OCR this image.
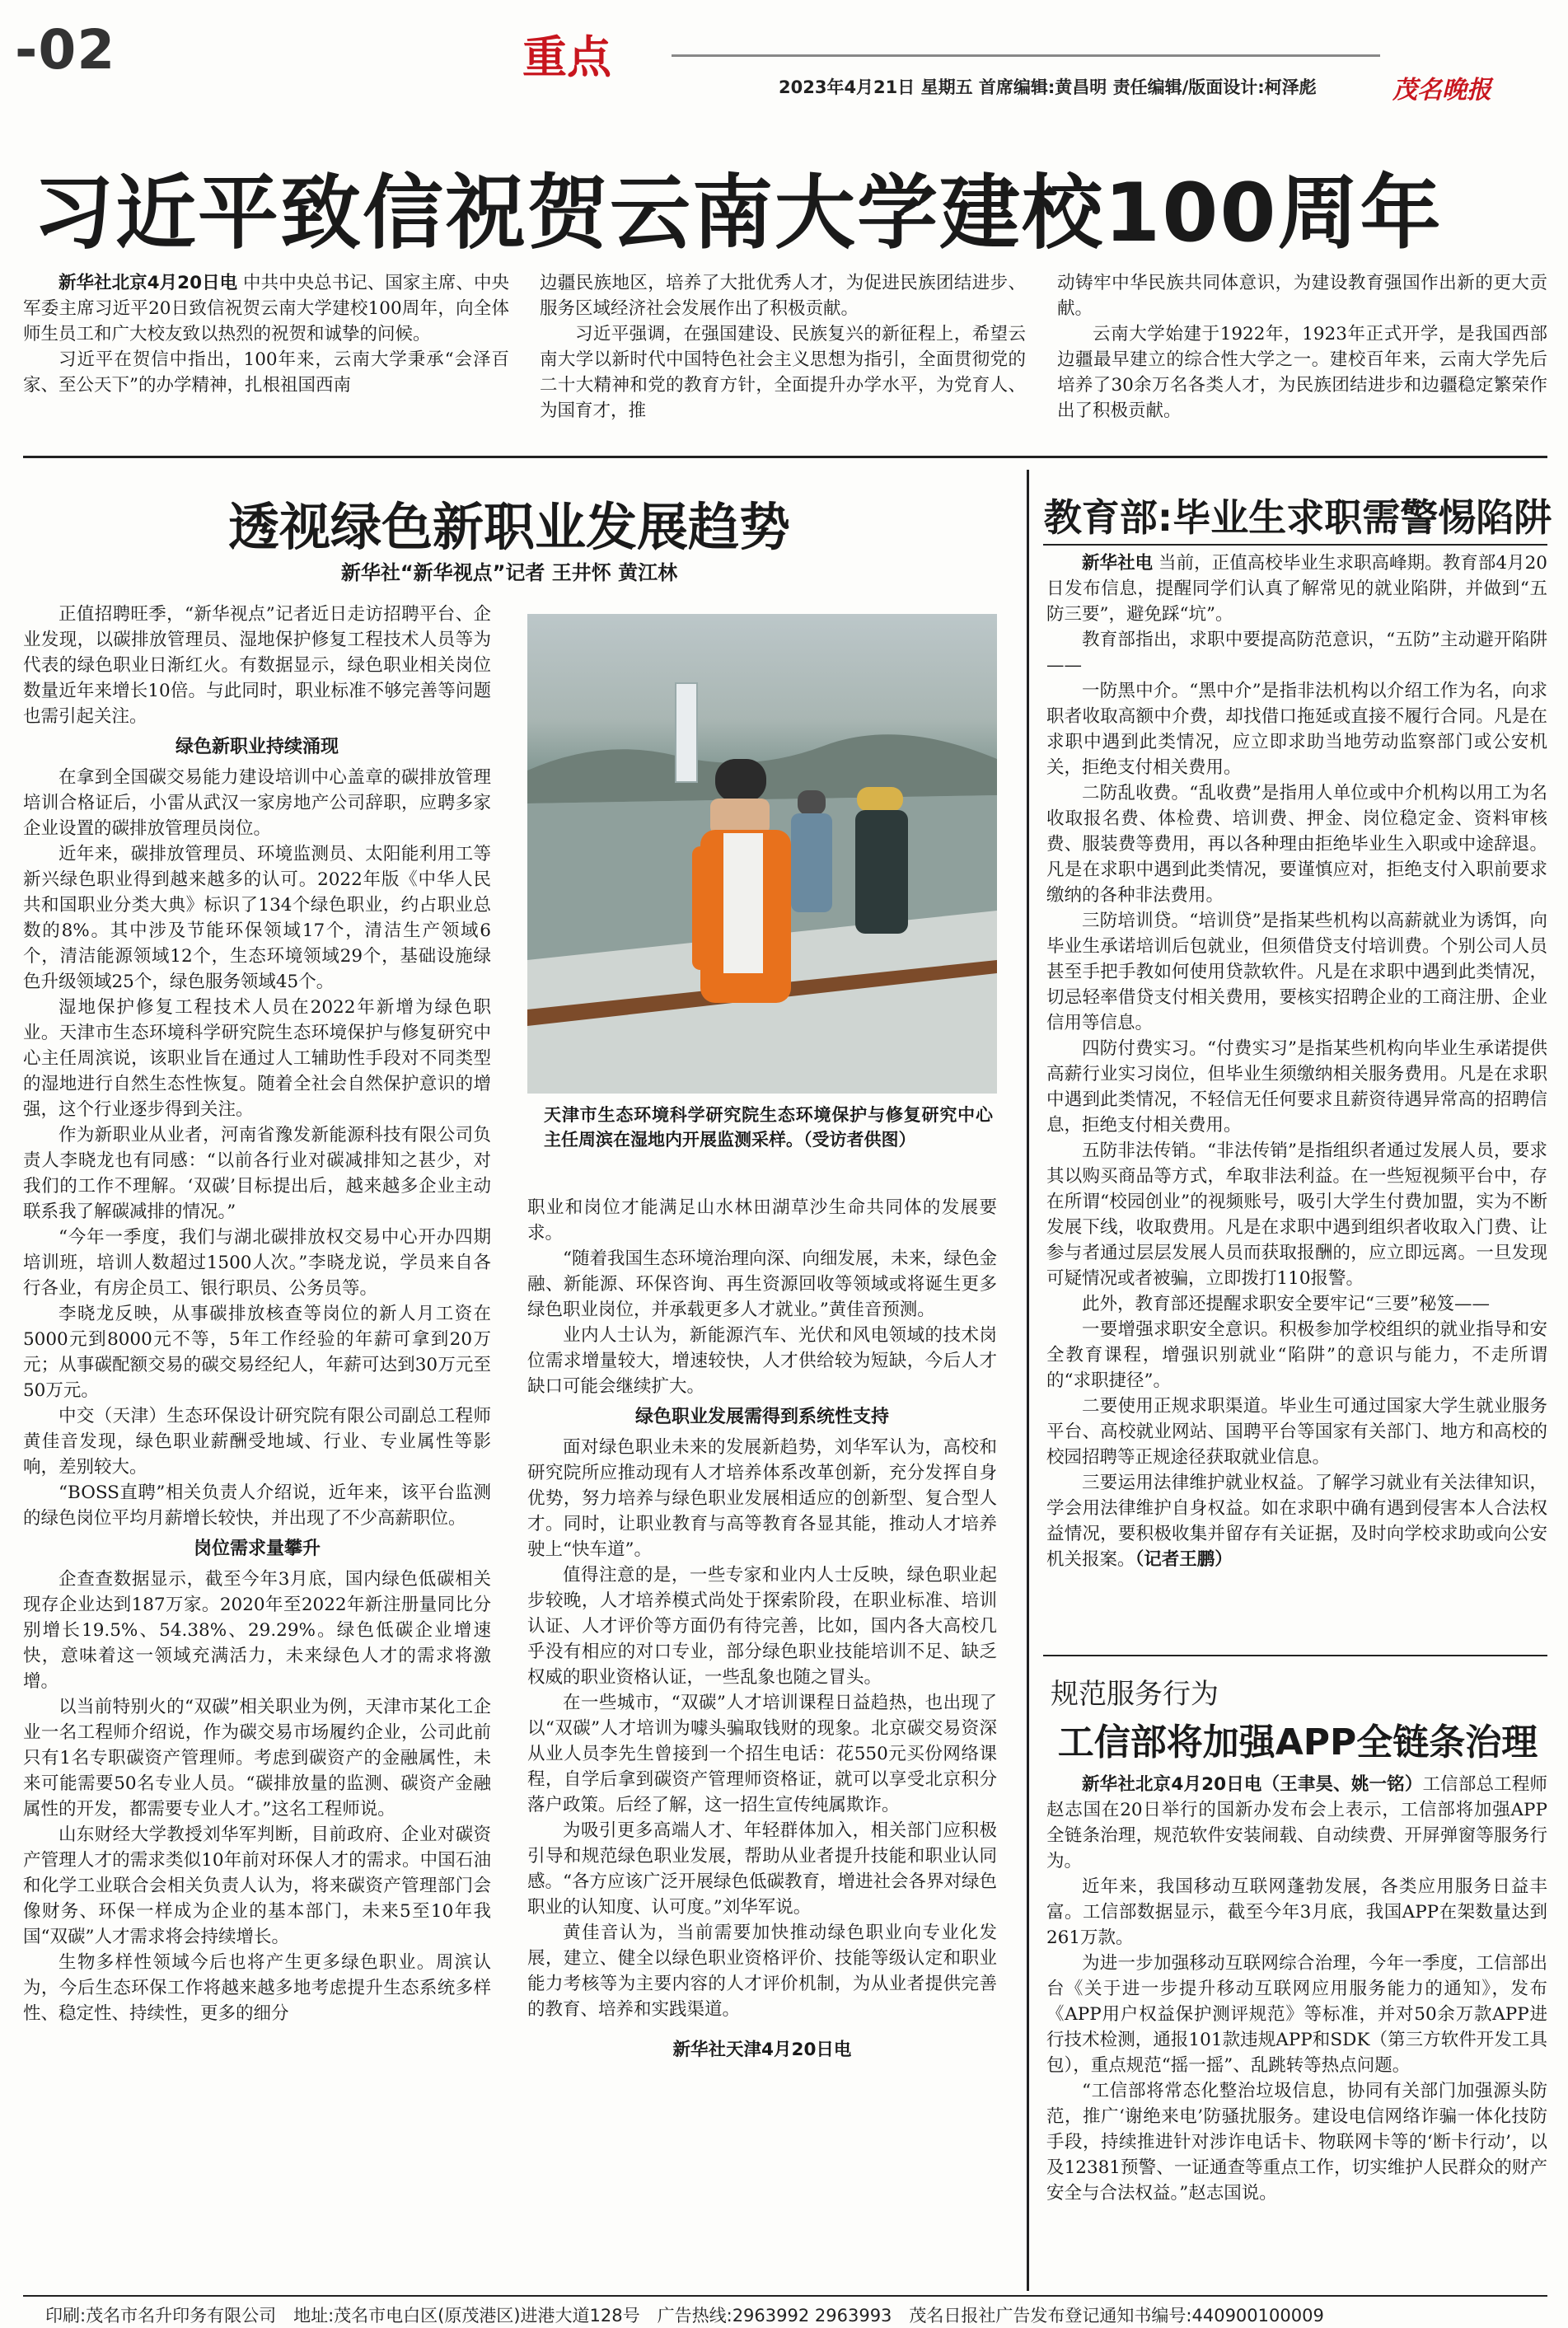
-02	重点
2023年4月21日 星期五 首席编辑:黄昌明 责任编辑/版面设计:柯泽彪	茂名晚报
习近平致信祝贺云南大学建校100周年

新华社北京4月20日电 中共中央总书记、国家主席、中央军委主席习近平20日致信祝贺云南大学建校100周年，向全体师生员工和广大校友致以热烈的祝贺和诚挚的问候。

习近平在贺信中指出，100年来，云南大学秉承“会泽百家、至公天下”的办学精神，扎根祖国西南

边疆民族地区，培养了大批优秀人才，为促进民族团结进步、服务区域经济社会发展作出了积极贡献。

习近平强调，在强国建设、民族复兴的新征程上，希望云南大学以新时代中国特色社会主义思想为指引，全面贯彻党的二十大精神和党的教育方针，全面提升办学水平，为党育人、为国育才，推

动铸牢中华民族共同体意识，为建设教育强国作出新的更大贡献。

云南大学始建于1922年，1923年正式开学，是我国西部边疆最早建立的综合性大学之一。建校百年来，云南大学先后培养了30余万名各类人才，为民族团结进步和边疆稳定繁荣作出了积极贡献。

透视绿色新职业发展趋势
新华社“新华视点”记者 王井怀 黄江林

正值招聘旺季，“新华视点”记者近日走访招聘平台、企业发现，以碳排放管理员、湿地保护修复工程技术人员等为代表的绿色职业日渐红火。有数据显示，绿色职业相关岗位数量近年来增长10倍。与此同时，职业标准不够完善等问题也需引起关注。

绿色新职业持续涌现

在拿到全国碳交易能力建设培训中心盖章的碳排放管理培训合格证后，小雷从武汉一家房地产公司辞职，应聘多家企业设置的碳排放管理员岗位。

近年来，碳排放管理员、环境监测员、太阳能利用工等新兴绿色职业得到越来越多的认可。2022年版《中华人民共和国职业分类大典》标识了134个绿色职业，约占职业总数的8%。其中涉及节能环保领域17个，清洁生产领域6个，清洁能源领域12个，生态环境领域29个，基础设施绿色升级领域25个，绿色服务领域45个。

湿地保护修复工程技术人员在2022年新增为绿色职业。天津市生态环境科学研究院生态环境保护与修复研究中心主任周滨说，该职业旨在通过人工辅助性手段对不同类型的湿地进行自然生态性恢复。随着全社会自然保护意识的增强，这个行业逐步得到关注。

作为新职业从业者，河南省豫发新能源科技有限公司负责人李晓龙也有同感：“以前各行业对碳减排知之甚少，对我们的工作不理解。‘双碳’目标提出后，越来越多企业主动联系我了解碳减排的情况。”

“今年一季度，我们与湖北碳排放权交易中心开办四期培训班，培训人数超过1500人次。”李晓龙说，学员来自各行各业，有房企员工、银行职员、公务员等。

李晓龙反映，从事碳排放核查等岗位的新人月工资在5000元到8000元不等，5年工作经验的年薪可拿到20万元；从事碳配额交易的碳交易经纪人，年薪可达到30万元至50万元。

中交（天津）生态环保设计研究院有限公司副总工程师黄佳音发现，绿色职业薪酬受地域、行业、专业属性等影响，差别较大。

“BOSS直聘”相关负责人介绍说，近年来，该平台监测的绿色岗位平均月薪增长较快，并出现了不少高薪职位。

岗位需求量攀升

企查查数据显示，截至今年3月底，国内绿色低碳相关现存企业达到187万家。2020年至2022年新注册量同比分别增长19.5%、54.38%、29.29%。绿色低碳企业增速快，意味着这一领域充满活力，未来绿色人才的需求将激增。

以当前特别火的“双碳”相关职业为例，天津市某化工企业一名工程师介绍说，作为碳交易市场履约企业，公司此前只有1名专职碳资产管理师。考虑到碳资产的金融属性，未来可能需要50名专业人员。“碳排放量的监测、碳资产金融属性的开发，都需要专业人才。”这名工程师说。

山东财经大学教授刘华军判断，目前政府、企业对碳资产管理人才的需求类似10年前对环保人才的需求。中国石油和化学工业联合会相关负责人认为，将来碳资产管理部门会像财务、环保一样成为企业的基本部门，未来5至10年我国“双碳”人才需求将会持续增长。

生物多样性领域今后也将产生更多绿色职业。周滨认为，今后生态环保工作将越来越多地考虑提升生态系统多样性、稳定性、持续性，更多的细分

天津市生态环境科学研究院生态环境保护与修复研究中心主任周滨在湿地内开展监测采样。（受访者供图）

职业和岗位才能满足山水林田湖草沙生命共同体的发展要求。

“随着我国生态环境治理向深、向细发展，未来，绿色金融、新能源、环保咨询、再生资源回收等领域或将诞生更多绿色职业岗位，并承载更多人才就业。”黄佳音预测。

业内人士认为，新能源汽车、光伏和风电领域的技术岗位需求增量较大，增速较快，人才供给较为短缺，今后人才缺口可能会继续扩大。

绿色职业发展需得到系统性支持

面对绿色职业未来的发展新趋势，刘华军认为，高校和研究院所应推动现有人才培养体系改革创新，充分发挥自身优势，努力培养与绿色职业发展相适应的创新型、复合型人才。同时，让职业教育与高等教育各显其能，推动人才培养驶上“快车道”。

值得注意的是，一些专家和业内人士反映，绿色职业起步较晚，人才培养模式尚处于探索阶段，在职业标准、培训认证、人才评价等方面仍有待完善，比如，国内各大高校几乎没有相应的对口专业，部分绿色职业技能培训不足、缺乏权威的职业资格认证，一些乱象也随之冒头。

在一些城市，“双碳”人才培训课程日益趋热，也出现了以“双碳”人才培训为噱头骗取钱财的现象。北京碳交易资深从业人员李先生曾接到一个招生电话：花550元买份网络课程，自学后拿到碳资产管理师资格证，就可以享受北京积分落户政策。后经了解，这一招生宣传纯属欺诈。

为吸引更多高端人才、年轻群体加入，相关部门应积极引导和规范绿色职业发展，帮助从业者提升技能和职业认同感。“各方应该广泛开展绿色低碳教育，增进社会各界对绿色职业的认知度、认可度。”刘华军说。

黄佳音认为，当前需要加快推动绿色职业向专业化发展，建立、健全以绿色职业资格评价、技能等级认定和职业能力考核等为主要内容的人才评价机制，为从业者提供完善的教育、培养和实践渠道。

新华社天津4月20日电

教育部:毕业生求职需警惕陷阱

新华社电 当前，正值高校毕业生求职高峰期。教育部4月20日发布信息，提醒同学们认真了解常见的就业陷阱，并做到“五防三要”，避免踩“坑”。

教育部指出，求职中要提高防范意识，“五防”主动避开陷阱——

一防黑中介。“黑中介”是指非法机构以介绍工作为名，向求职者收取高额中介费，却找借口拖延或直接不履行合同。凡是在求职中遇到此类情况，应立即求助当地劳动监察部门或公安机关，拒绝支付相关费用。

二防乱收费。“乱收费”是指用人单位或中介机构以用工为名收取报名费、体检费、培训费、押金、岗位稳定金、资料审核费、服装费等费用，再以各种理由拒绝毕业生入职或中途辞退。凡是在求职中遇到此类情况，要谨慎应对，拒绝支付入职前要求缴纳的各种非法费用。

三防培训贷。“培训贷”是指某些机构以高薪就业为诱饵，向毕业生承诺培训后包就业，但须借贷支付培训费。个别公司人员甚至手把手教如何使用贷款软件。凡是在求职中遇到此类情况，切忌轻率借贷支付相关费用，要核实招聘企业的工商注册、企业信用等信息。

四防付费实习。“付费实习”是指某些机构向毕业生承诺提供高薪行业实习岗位，但毕业生须缴纳相关服务费用。凡是在求职中遇到此类情况，不轻信无任何要求且薪资待遇异常高的招聘信息，拒绝支付相关费用。

五防非法传销。“非法传销”是指组织者通过发展人员，要求其以购买商品等方式，牟取非法利益。在一些短视频平台中，存在所谓“校园创业”的视频账号，吸引大学生付费加盟，实为不断发展下线，收取费用。凡是在求职中遇到组织者收取入门费、让参与者通过层层发展人员而获取报酬的，应立即远离。一旦发现可疑情况或者被骗，立即拨打110报警。

此外，教育部还提醒求职安全要牢记“三要”秘笈——

一要增强求职安全意识。积极参加学校组织的就业指导和安全教育课程，增强识别就业“陷阱”的意识与能力，不走所谓的“求职捷径”。

二要使用正规求职渠道。毕业生可通过国家大学生就业服务平台、高校就业网站、国聘平台等国家有关部门、地方和高校的校园招聘等正规途径获取就业信息。

三要运用法律维护就业权益。了解学习就业有关法律知识，学会用法律维护自身权益。如在求职中确有遇到侵害本人合法权益情况，要积极收集并留存有关证据，及时向学校求助或向公安机关报案。（记者王鹏）

规范服务行为
工信部将加强APP全链条治理

新华社北京4月20日电（王聿昊、姚一铭）工信部总工程师赵志国在20日举行的国新办发布会上表示，工信部将加强APP全链条治理，规范软件安装闹载、自动续费、开屏弹窗等服务行为。

近年来，我国移动互联网蓬勃发展，各类应用服务日益丰富。工信部数据显示，截至今年3月底，我国APP在架数量达到261万款。

为进一步加强移动互联网综合治理，今年一季度，工信部出台《关于进一步提升移动互联网应用服务能力的通知》，发布《APP用户权益保护测评规范》等标准，并对50余万款APP进行技术检测，通报101款违规APP和SDK（第三方软件开发工具包），重点规范“摇一摇”、乱跳转等热点问题。

“工信部将常态化整治垃圾信息，协同有关部门加强源头防范，推广‘谢绝来电’防骚扰服务。建设电信网络诈骗一体化技防手段，持续推进针对涉诈电话卡、物联网卡等的‘断卡行动’，以及12381预警、一证通查等重点工作，切实维护人民群众的财产安全与合法权益。”赵志国说。

印刷:茂名市名升印务有限公司　地址:茂名市电白区(原茂港区)进港大道128号　广告热线:2963992 2963993　茂名日报社广告发布登记通知书编号:440900100009
